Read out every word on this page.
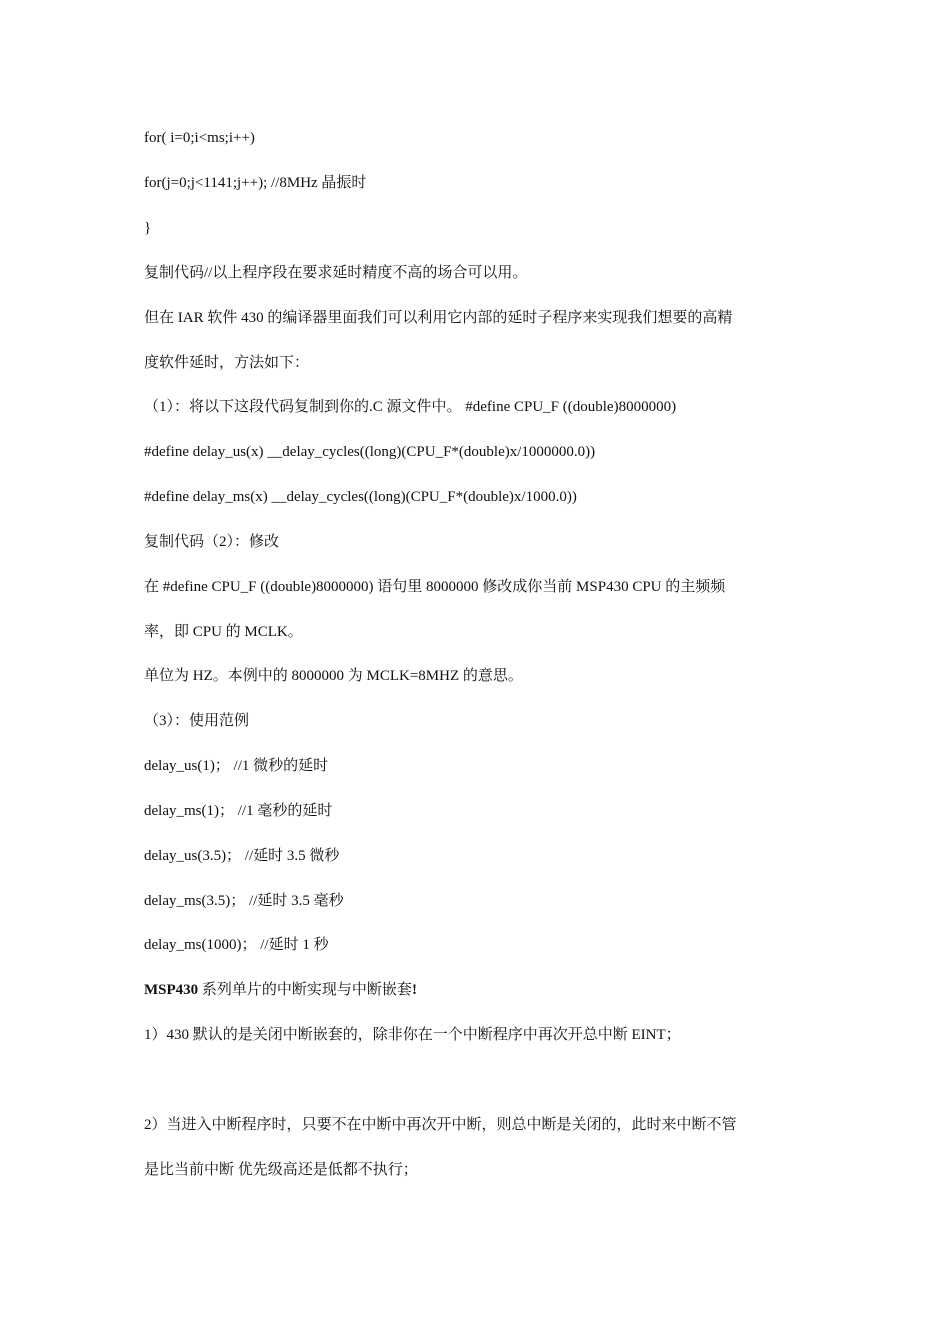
for( i=0;i<ms;i++)
for(j=0;j<1141;j++); //8MHz 晶振时
}
复制代码//以上程序段在要求延时精度不高的场合可以用。
但在 IAR 软件 430 的编译器里面我们可以利用它内部的延时子程序来实现我们想要的高精
度软件延时，方法如下：
（1）：将以下这段代码复制到你的.C 源文件中。 #define CPU_F ((double)8000000)
#define delay_us(x) __delay_cycles((long)(CPU_F*(double)x/1000000.0))
#define delay_ms(x) __delay_cycles((long)(CPU_F*(double)x/1000.0))
复制代码（2）：修改
在 #define CPU_F ((double)8000000) 语句里 8000000 修改成你当前 MSP430 CPU 的主频频
率，即 CPU 的 MCLK。
单位为 HZ。本例中的 8000000 为 MCLK=8MHZ 的意思。
（3）：使用范例
delay_us(1)； //1 微秒的延时
delay_ms(1)； //1 毫秒的延时
delay_us(3.5)； //延时 3.5 微秒
delay_ms(3.5)； //延时 3.5 毫秒
delay_ms(1000)； //延时 1 秒
MSP430 系列单片的中断实现与中断嵌套!
1）430 默认的是关闭中断嵌套的，除非你在一个中断程序中再次开总中断 EINT；
2）当进入中断程序时，只要不在中断中再次开中断，则总中断是关闭的，此时来中断不管
是比当前中断 优先级高还是低都不执行；
